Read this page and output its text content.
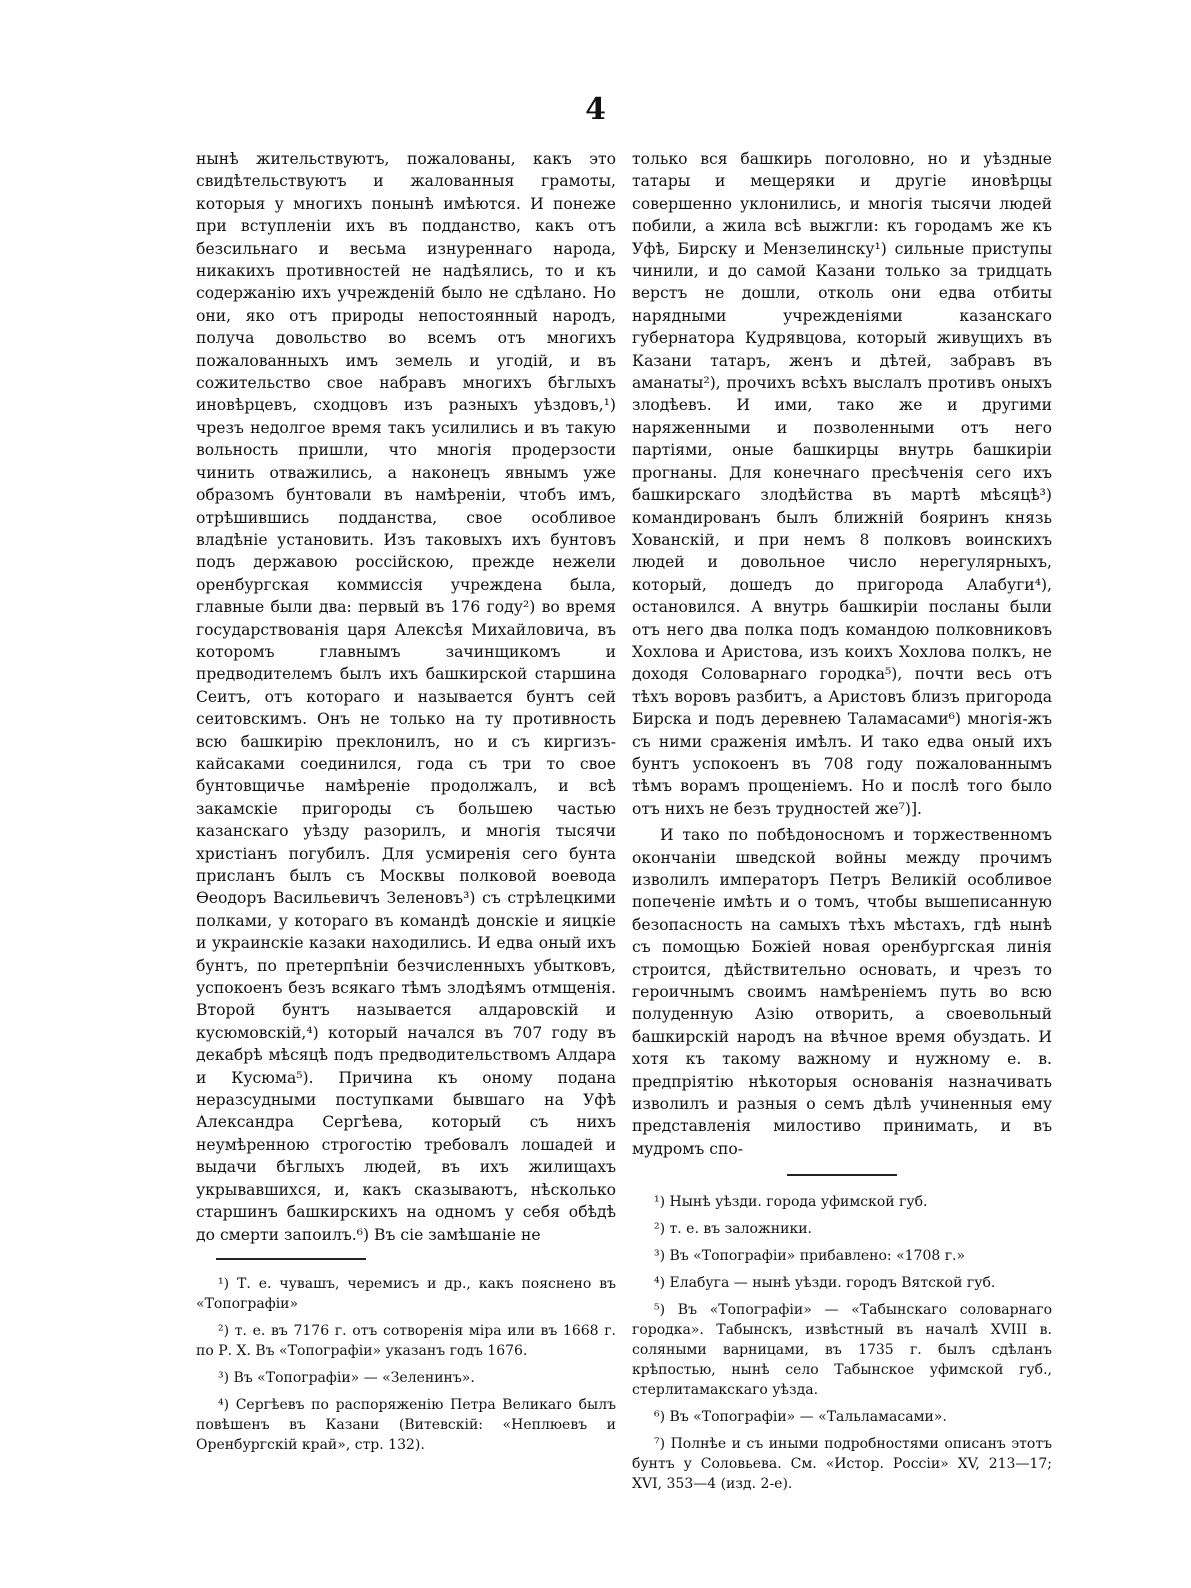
4

нынѣ жительствуютъ, пожалованы, какъ это свидѣтельствуютъ и жалованныя грамоты, которыя у многихъ понынѣ имѣются. И понеже при вступленіи ихъ въ подданство, какъ отъ безсильнаго и весьма изнуреннаго народа, никакихъ противностей не надѣялись, то и къ содержанію ихъ учрежденій было не сдѣлано. Но они, яко отъ природы непостоянный народъ, получа довольство во всемъ отъ многихъ пожалованныхъ имъ земель и угодій, и въ сожительство свое набравъ многихъ бѣглыхъ иновѣрцевъ, сходцовъ изъ разныхъ уѣздовъ,¹) чрезъ недолгое время такъ усилились и въ такую вольность пришли, что многія продерзости чинить отважились, а наконецъ явнымъ уже образомъ бунтовали въ намѣреніи, чтобъ имъ, отрѣшившись подданства, свое особливое владѣніе установить. Изъ таковыхъ ихъ бунтовъ подъ державою россійскою, прежде нежели оренбургская коммиссія учреждена была, главные были два: первый въ 176 году²) во время государствованія царя Алексѣя Михайловича, въ которомъ главнымъ зачинщикомъ и предводителемъ былъ ихъ башкирской старшина Сеитъ, отъ котораго и называется бунтъ сей сеитовскимъ. Онъ не только на ту противность всю башкирію преклонилъ, но и съ киргизъ-кайсаками соединился, года съ три то свое бунтовщичье намѣреніе продолжалъ, и всѣ закамскіе пригороды съ большею частью казанскаго уѣзду разорилъ, и многія тысячи христіанъ погубилъ. Для усмиренія сего бунта присланъ былъ съ Москвы полковой воевода Ѳеодоръ Васильевичъ Зеленовъ³) съ стрѣлецкими полками, у котораго въ командѣ донскіе и яицкіе и украинскіе казаки находились. И едва оный ихъ бунтъ, по претерпѣніи безчисленныхъ убытковъ, успокоенъ безъ всякаго тѣмъ злодѣямъ отмщенія. Второй бунтъ называется алдаровскій и кусюмовскій,⁴) который начался въ 707 году въ декабрѣ мѣсяцѣ подъ предводительствомъ Алдара и Кусюма⁵). Причина къ оному подана неразсудными поступками бывшаго на Уфѣ Александра Сергѣева, который съ нихъ неумѣренною строгостію требовалъ лошадей и выдачи бѣглыхъ людей, въ ихъ жилищахъ укрывавшихся, и, какъ сказываютъ, нѣсколько старшинъ башкирскихъ на одномъ у себя обѣдѣ до смерти запоилъ.⁶) Въ сіе замѣшаніе не

¹) Т. е. чувашъ, черемисъ и др., какъ пояснено въ «Топографіи»

²) т. е. въ 7176 г. отъ сотворенія міра или въ 1668 г. по Р. Х. Въ «Топографіи» указанъ годъ 1676.

³) Въ «Топографіи» — «Зеленинъ».

⁴) Сергѣевъ по распоряженію Петра Великаго былъ повѣшенъ въ Казани (Витевскій: «Неплюевъ и Оренбургскій край», стр. 132).

только вся башкирь поголовно, но и уѣздные татары и мещеряки и другіе иновѣрцы совершенно уклонились, и многія тысячи людей побили, а жила всѣ выжгли: къ городамъ же къ Уфѣ, Бирску и Мензелинску¹) сильные приступы чинили, и до самой Казани только за тридцать верстъ не дошли, отколь они едва отбиты нарядными учрежденіями казанскаго губернатора Кудрявцова, который живущихъ въ Казани татаръ, женъ и дѣтей, забравъ въ аманаты²), прочихъ всѣхъ выслалъ противъ оныхъ злодѣевъ. И ими, тако же и другими наряженными и позволенными отъ него партіями, оные башкирцы внутрь башкиріи прогнаны. Для конечнаго пресѣченія сего ихъ башкирскаго злодѣйства въ мартѣ мѣсяцѣ³) командированъ былъ ближній бояринъ князь Хованскій, и при немъ 8 полковъ воинскихъ людей и довольное число нерегулярныхъ, который, дошедъ до пригорода Алабуги⁴), остановился. А внутрь башкиріи посланы были отъ него два полка подъ командою полковниковъ Хохлова и Аристова, изъ коихъ Хохлова полкъ, не доходя Соловарнаго городка⁵), почти весь отъ тѣхъ воровъ разбитъ, а Аристовъ близъ пригорода Бирска и подъ деревнею Таламасами⁶) многія-жъ съ ними сраженія имѣлъ. И тако едва оный ихъ бунтъ успокоенъ въ 708 году пожалованнымъ тѣмъ ворамъ прощеніемъ. Но и послѣ того было отъ нихъ не безъ трудностей же⁷)].

И тако по побѣдоносномъ и торжественномъ окончаніи шведской войны между прочимъ изволилъ императоръ Петръ Великій особливое попеченіе имѣть и о томъ, чтобы вышеписанную безопасность на самыхъ тѣхъ мѣстахъ, гдѣ нынѣ съ помощью Божіей новая оренбургская линія строится, дѣйствительно основать, и чрезъ то героичнымъ своимъ намѣреніемъ путь во всю полуденную Азію отворить, а своевольный башкирскій народъ на вѣчное время обуздать. И хотя къ такому важному и нужному е. в. предпріятію нѣкоторыя основанія назначивать изволилъ и разныя о семъ дѣлѣ учиненныя ему представленія милостиво принимать, и въ мудромъ спо-

¹) Нынѣ уѣзди. города уфимской губ.

²) т. е. въ заложники.

³) Въ «Топографіи» прибавлено: «1708 г.»

⁴) Елабуга — нынѣ уѣзди. городъ Вятской губ.

⁵) Въ «Топографіи» — «Табынскаго соловарнаго городка». Табынскъ, извѣстный въ началѣ XVIII в. соляными варницами, въ 1735 г. былъ сдѣланъ крѣпостью, нынѣ село Табынское уфимской губ., стерлитамакскаго уѣзда.

⁶) Въ «Топографіи» — «Тальламасами».

⁷) Полнѣе и съ иными подробностями описанъ этотъ бунтъ у Соловьева. См. «Истор. Россіи» XV, 213—17; XVI, 353—4 (изд. 2-е).
